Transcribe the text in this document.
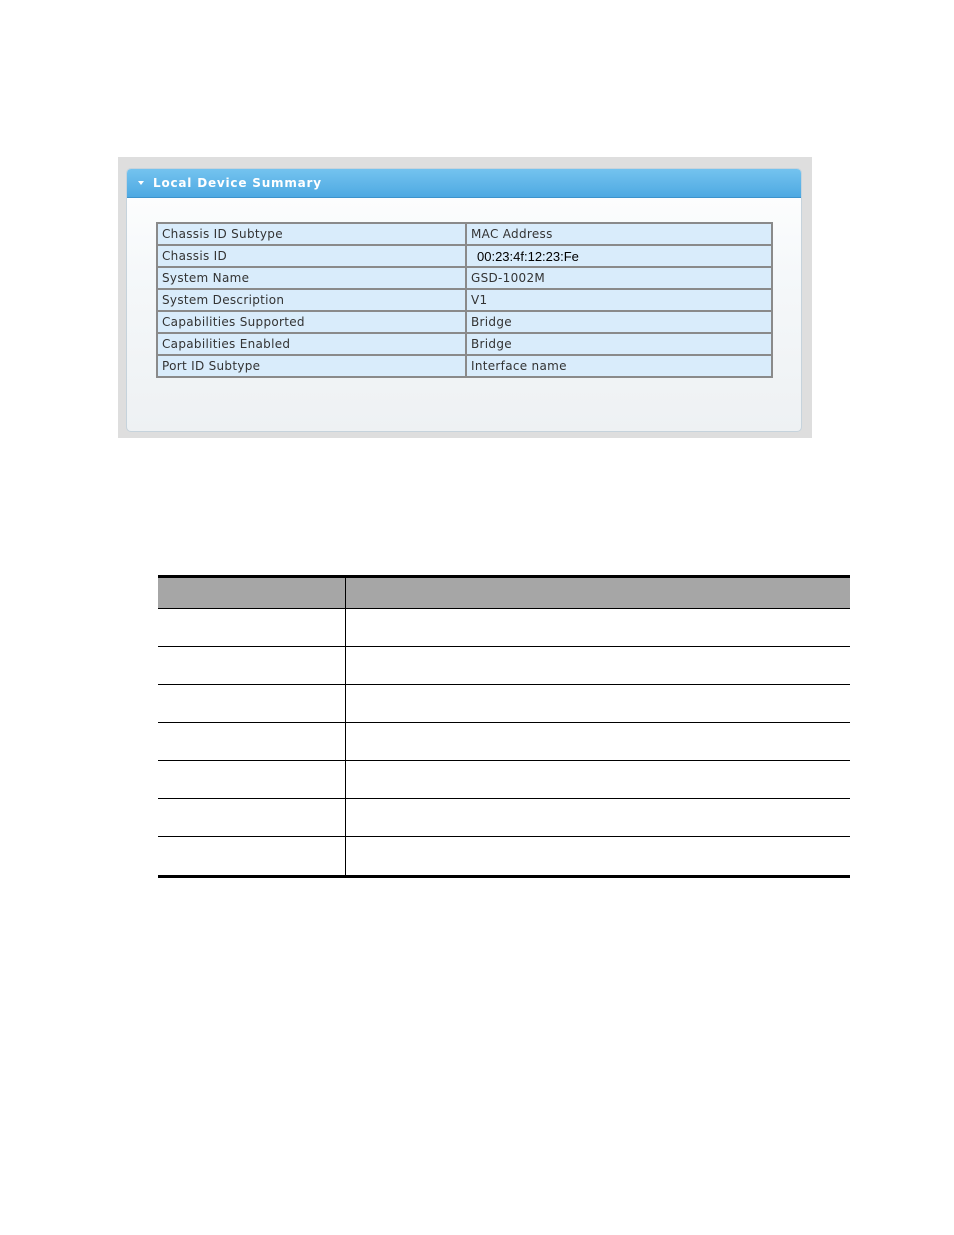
Local Device Summary
Chassis ID Subtype	MAC Address
Chassis ID	00:23:4f:12:23:Fe
System Name	GSD-1002M
System Description	V1
Capabilities Supported	Bridge
Capabilities Enabled	Bridge
Port ID Subtype	Interface name
